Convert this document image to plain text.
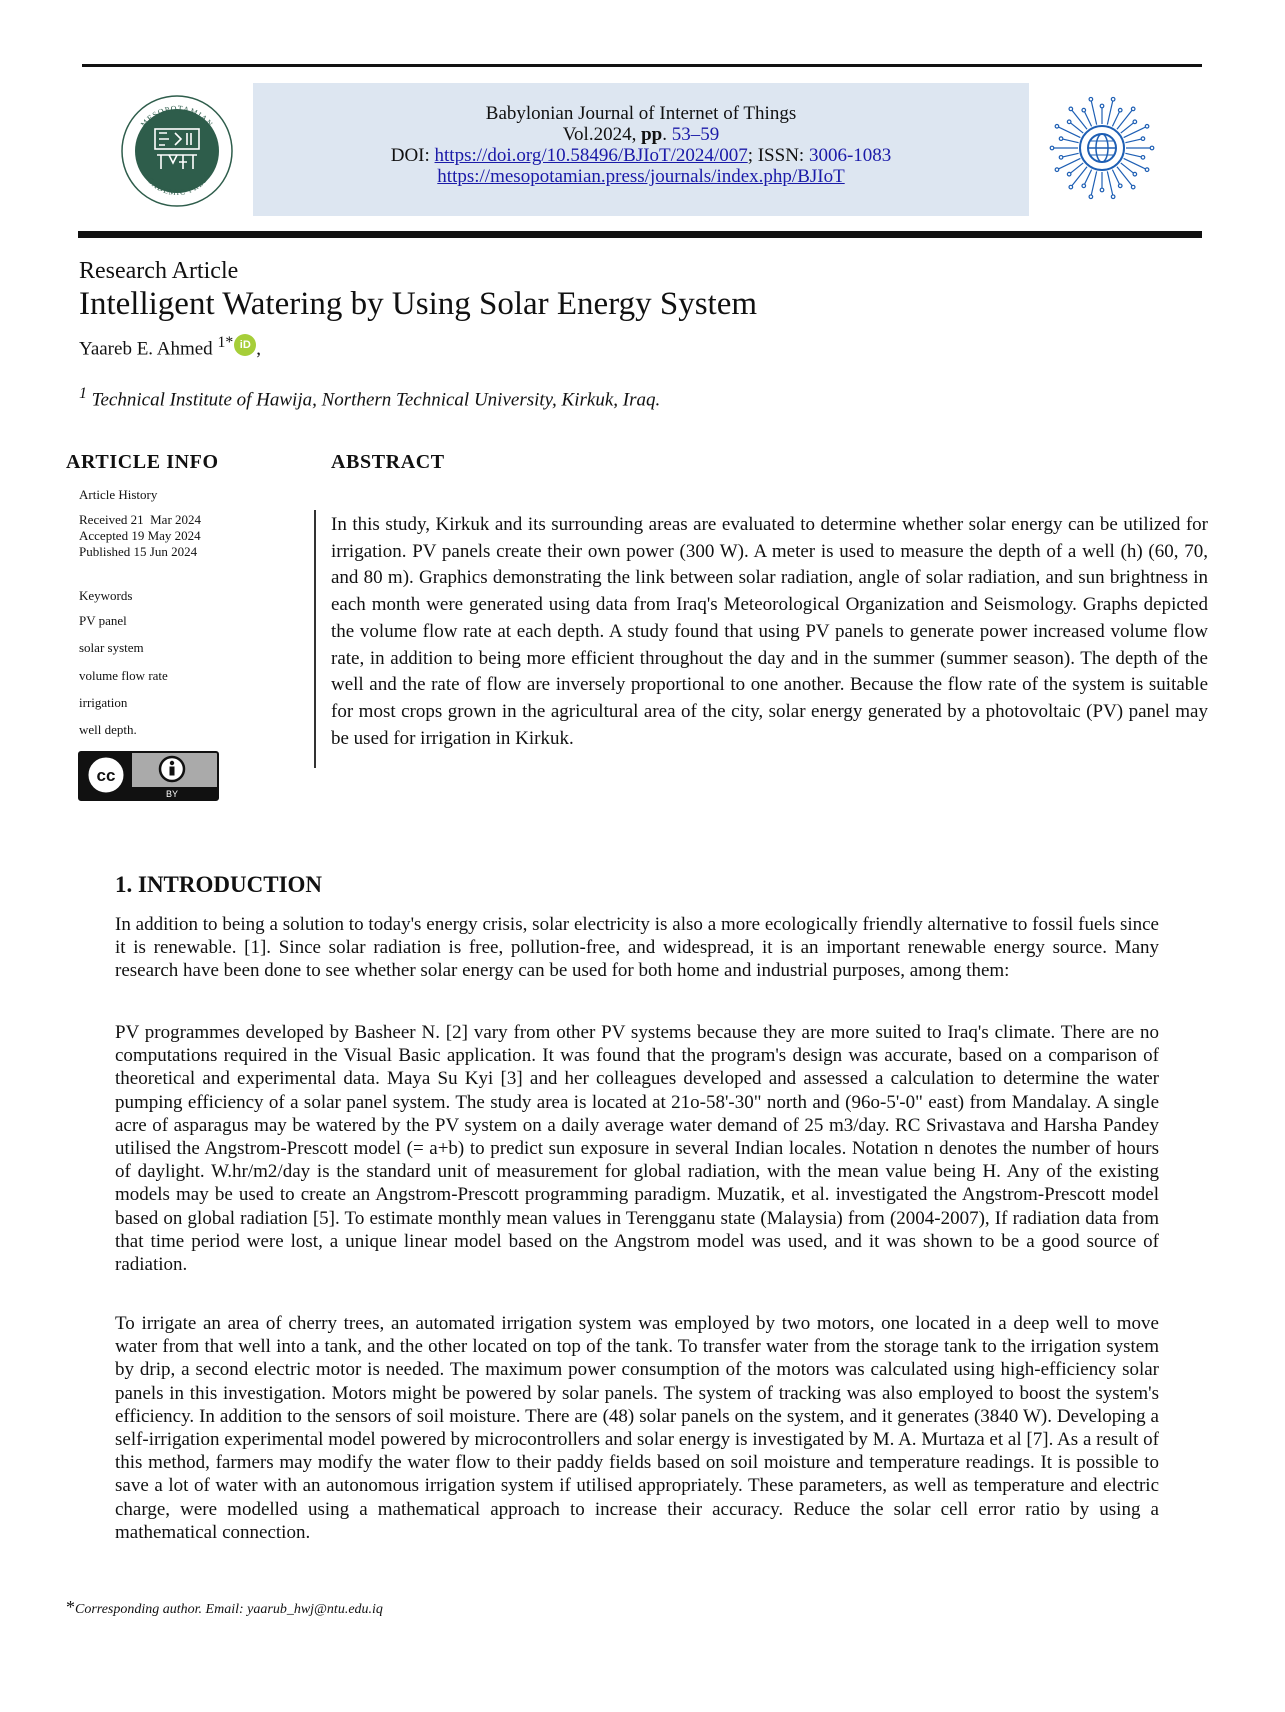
MESOPOTAMIAN
ACADEMIC PRESS
Babylonian Journal of Internet of Things
Vol.2024, pp. 53–59
DOI: https://doi.org/10.58496/BJIoT/2024/007; ISSN: 3006-1083
https://mesopotamian.press/journals/index.php/BJIoT
Research Article
Intelligent Watering by Using Solar Energy System
Yaareb E. Ahmed $^{1*}$ iD ,
$^1$ Technical Institute of Hawija, Northern Technical University, Kirkuk, Iraq.
ARTICLE INFO	ABSTRACT
Article History
Received 21  Mar 2024
Accepted 19 May 2024
Published 15 Jun 2024
Keywords
PV panel
solar system
volume flow rate
irrigation
well depth.
cc
BY
In this study, Kirkuk and its surrounding areas are evaluated to determine whether solar energy can be utilized for irrigation. PV panels create their own power (300 W). A meter is used to measure the depth of a well (h) (60, 70, and 80 m). Graphics demonstrating the link between solar radiation, angle of solar radiation, and sun brightness in each month were generated using data from Iraq's Meteorological Organization and Seismology. Graphs depicted the volume flow rate at each depth. A study found that using PV panels to generate power increased volume flow rate, in addition to being more efficient throughout the day and in the summer (summer season). The depth of the well and the rate of flow are inversely proportional to one another. Because the flow rate of the system is suitable for most crops grown in the agricultural area of the city, solar energy generated by a photovoltaic (PV) panel may be used for irrigation in Kirkuk.
1. INTRODUCTION
In addition to being a solution to today's energy crisis, solar electricity is also a more ecologically friendly alternative to fossil fuels since it is renewable. [1]. Since solar radiation is free, pollution-free, and widespread, it is an important renewable energy source. Many research have been done to see whether solar energy can be used for both home and industrial purposes, among them:
PV programmes developed by Basheer N. [2] vary from other PV systems because they are more suited to Iraq's climate. There are no computations required in the Visual Basic application. It was found that the program's design was accurate, based on a comparison of theoretical and experimental data. Maya Su Kyi [3] and her colleagues developed and assessed a calculation to determine the water pumping efficiency of a solar panel system. The study area is located at 21o-58'-30" north and (96o-5'-0" east) from Mandalay. A single acre of asparagus may be watered by the PV system on a daily average water demand of 25 m3/day. RC Srivastava and Harsha Pandey utilised the Angstrom-Prescott model (= a+b) to predict sun exposure in several Indian locales. Notation n denotes the number of hours of daylight. W.hr/m2/day is the standard unit of measurement for global radiation, with the mean value being H. Any of the existing models may be used to create an Angstrom-Prescott programming paradigm. Muzatik, et al. investigated the Angstrom-Prescott model based on global radiation [5]. To estimate monthly mean values in Terengganu state (Malaysia) from (2004-2007), If radiation data from that time period were lost, a unique linear model based on the Angstrom model was used, and it was shown to be a good source of radiation.
To irrigate an area of cherry trees, an automated irrigation system was employed by two motors, one located in a deep well to move water from that well into a tank, and the other located on top of the tank. To transfer water from the storage tank to the irrigation system by drip, a second electric motor is needed. The maximum power consumption of the motors was calculated using high-efficiency solar panels in this investigation. Motors might be powered by solar panels. The system of tracking was also employed to boost the system's efficiency. In addition to the sensors of soil moisture. There are (48) solar panels on the system, and it generates (3840 W). Developing a self-irrigation experimental model powered by microcontrollers and solar energy is investigated by M. A. Murtaza et al [7]. As a result of this method, farmers may modify the water flow to their paddy fields based on soil moisture and temperature readings. It is possible to save a lot of water with an autonomous irrigation system if utilised appropriately. These parameters, as well as temperature and electric charge, were modelled using a mathematical approach to increase their accuracy. Reduce the solar cell error ratio by using a mathematical connection.
*Corresponding author. Email: yaarub_hwj@ntu.edu.iq
